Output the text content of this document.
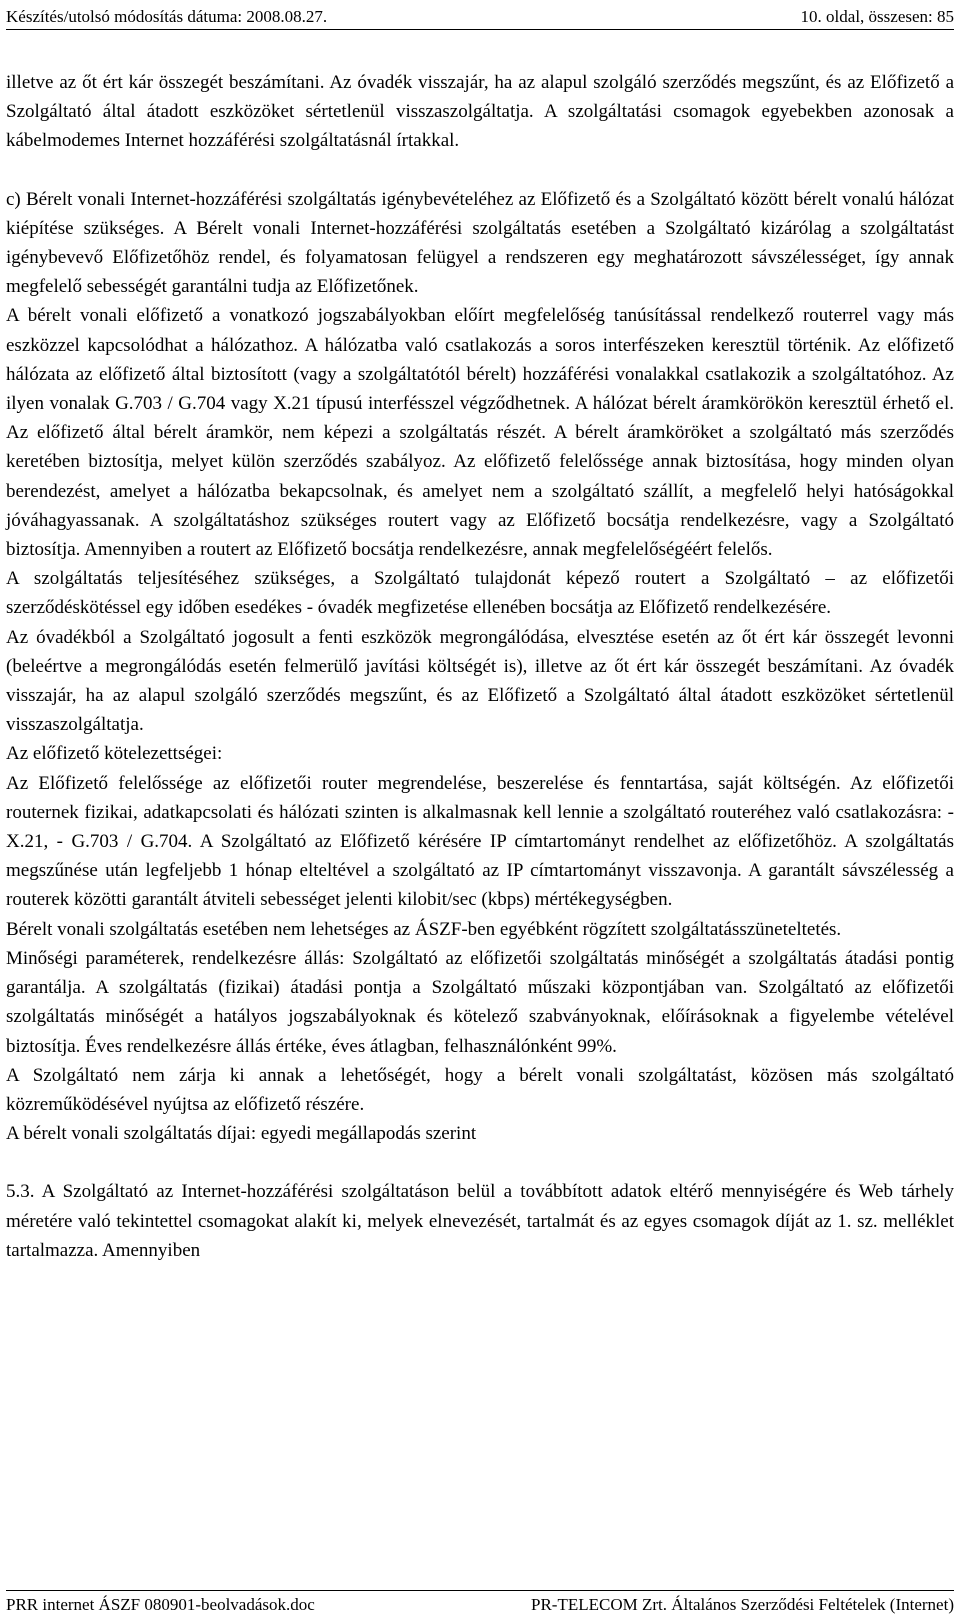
Készítés/utolsó módosítás dátuma: 2008.08.27.	10. oldal, összesen: 85

illetve az őt ért kár összegét beszámítani. Az óvadék visszajár, ha az alapul szolgáló szerződés megszűnt, és az Előfizető a Szolgáltató által átadott eszközöket sértetlenül visszaszolgáltatja. A szolgáltatási csomagok egyebekben azonosak a kábelmodemes Internet hozzáférési szolgáltatásnál írtakkal.

c) Bérelt vonali Internet-hozzáférési szolgáltatás igénybevételéhez az Előfizető és a Szolgáltató között bérelt vonalú hálózat kiépítése szükséges. A Bérelt vonali Internet-hozzáférési szolgáltatás esetében a Szolgáltató kizárólag a szolgáltatást igénybevevő Előfizetőhöz rendel, és folyamatosan felügyel a rendszeren egy meghatározott sávszélességet, így annak megfelelő sebességét garantálni tudja az Előfizetőnek.

A bérelt vonali előfizető a vonatkozó jogszabályokban előírt megfelelőség tanúsítással rendelkező routerrel vagy más eszközzel kapcsolódhat a hálózathoz. A hálózatba való csatlakozás a soros interfészeken keresztül történik. Az előfizető hálózata az előfizető által biztosított (vagy a szolgáltatótól bérelt) hozzáférési vonalakkal csatlakozik a szolgáltatóhoz. Az ilyen vonalak G.703 / G.704 vagy X.21 típusú interfésszel végződhetnek. A hálózat bérelt áramkörökön keresztül érhető el. Az előfizető által bérelt áramkör, nem képezi a szolgáltatás részét. A bérelt áramköröket a szolgáltató más szerződés keretében biztosítja, melyet külön szerződés szabályoz. Az előfizető felelőssége annak biztosítása, hogy minden olyan berendezést, amelyet a hálózatba bekapcsolnak, és amelyet nem a szolgáltató szállít, a megfelelő helyi hatóságokkal jóváhagyassanak. A szolgáltatáshoz szükséges routert vagy az Előfizető bocsátja rendelkezésre, vagy a Szolgáltató biztosítja. Amennyiben a routert az Előfizető bocsátja rendelkezésre, annak megfelelőségéért felelős.

A szolgáltatás teljesítéséhez szükséges, a Szolgáltató tulajdonát képező routert a Szolgáltató – az előfizetői szerződéskötéssel egy időben esedékes - óvadék megfizetése ellenében bocsátja az Előfizető rendelkezésére.

Az óvadékból a Szolgáltató jogosult a fenti eszközök megrongálódása, elvesztése esetén az őt ért kár összegét levonni (beleértve a megrongálódás esetén felmerülő javítási költségét is), illetve az őt ért kár összegét beszámítani. Az óvadék visszajár, ha az alapul szolgáló szerződés megszűnt, és az Előfizető a Szolgáltató által átadott eszközöket sértetlenül visszaszolgáltatja.

Az előfizető kötelezettségei:

Az Előfizető felelőssége az előfizetői router megrendelése, beszerelése és fenntartása, saját költségén. Az előfizetői routernek fizikai, adatkapcsolati és hálózati szinten is alkalmasnak kell lennie a szolgáltató routeréhez való csatlakozásra: - X.21, - G.703 / G.704. A Szolgáltató az Előfizető kérésére IP címtartományt rendelhet az előfizetőhöz. A szolgáltatás megszűnése után legfeljebb 1 hónap elteltével a szolgáltató az IP címtartományt visszavonja. A garantált sávszélesség a routerek közötti garantált átviteli sebességet jelenti kilobit/sec (kbps) mértékegységben.

Bérelt vonali szolgáltatás esetében nem lehetséges az ÁSZF-ben egyébként rögzített szolgáltatásszüneteltetés.

Minőségi paraméterek, rendelkezésre állás: Szolgáltató az előfizetői szolgáltatás minőségét a szolgáltatás átadási pontig garantálja. A szolgáltatás (fizikai) átadási pontja a Szolgáltató műszaki központjában van. Szolgáltató az előfizetői szolgáltatás minőségét a hatályos jogszabályoknak és kötelező szabványoknak, előírásoknak a figyelembe vételével biztosítja. Éves rendelkezésre állás értéke, éves átlagban, felhasználónként 99%.

A Szolgáltató nem zárja ki annak a lehetőségét, hogy a bérelt vonali szolgáltatást, közösen más szolgáltató közreműködésével nyújtsa az előfizető részére.

A bérelt vonali szolgáltatás díjai: egyedi megállapodás szerint

5.3. A Szolgáltató az Internet-hozzáférési szolgáltatáson belül a továbbított adatok eltérő mennyiségére és Web tárhely méretére való tekintettel csomagokat alakít ki, melyek elnevezését, tartalmát és az egyes csomagok díját az 1. sz. melléklet tartalmazza. Amennyiben

PRR internet ÁSZF 080901-beolvadások.doc	PR-TELECOM Zrt. Általános Szerződési Feltételek (Internet)
